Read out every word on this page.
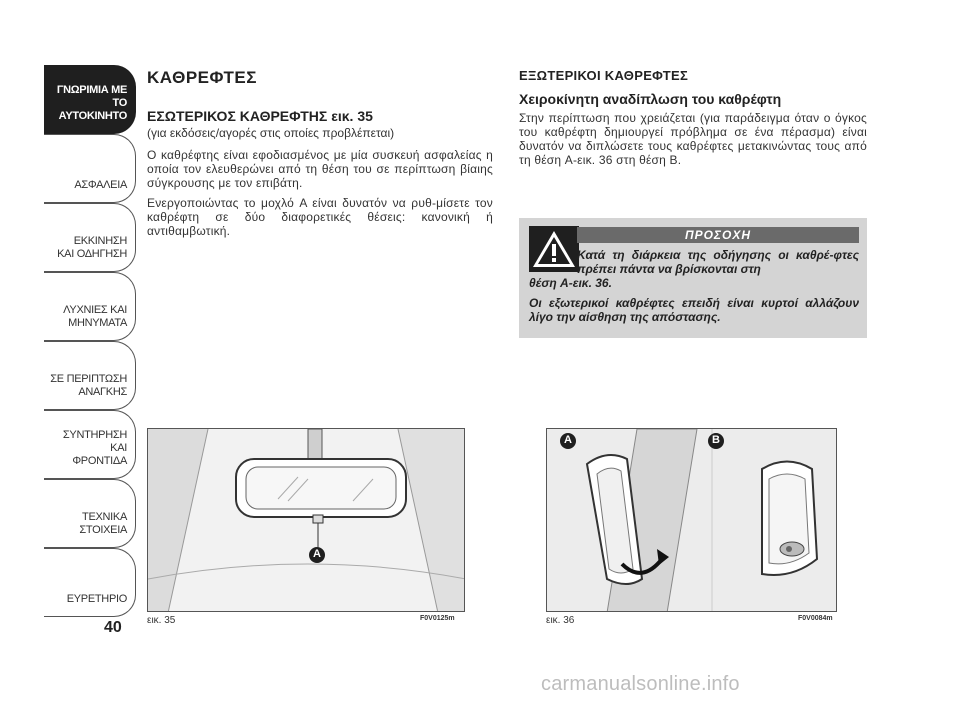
ΓΝΩΡΙΜΙΑ ΜΕ
ΤΟ ΑΥΤΟΚΙΝΗΤΟ
ΑΣΦΑΛΕΙΑ
ΕΚΚΙΝΗΣΗ
ΚΑΙ ΟΔΗΓΗΣΗ
ΛΥΧΝΙΕΣ ΚΑΙ
ΜΗΝΥΜΑΤΑ
ΣΕ ΠΕΡΙΠΤΩΣΗ
ΑΝΑΓΚΗΣ
ΣΥΝΤΗΡΗΣΗ ΚΑΙ
ΦΡΟΝΤΙΔΑ
ΤΕΧΝΙΚΑ
ΣΤΟΙΧΕΙΑ
ΕΥΡΕΤΗΡΙΟ
40
ΚΑΘΡΕΦΤΕΣ
ΕΣΩΤΕΡΙΚΟΣ ΚΑΘΡΕΦΤΗΣ εικ. 35
(για εκδόσεις/αγορές στις οποίες προβλέπεται)

Ο καθρέφτης είναι εφοδιασμένος με μία συσκευή ασφαλείας η οποία τον ελευθερώνει από τη θέση του σε περίπτωση βίαιης σύγκρουσης με τον επιβάτη.

Ενεργοποιώντας το μοχλό A είναι δυνατόν να ρυθ-μίσετε τον καθρέφτη σε δύο διαφορετικές θέσεις: κανονική ή αντιθαμβωτική.

ΕΞΩΤΕΡΙΚΟΙ ΚΑΘΡΕΦΤΕΣ
Χειροκίνητη αναδίπλωση του καθρέφτη

Στην περίπτωση που χρειάζεται (για παράδειγμα όταν ο όγκος του καθρέφτη δημιουργεί πρόβλημα σε ένα πέρασμα) είναι δυνατόν να διπλώσετε τους καθρέφτες μετακινώντας τους από τη θέση A-εικ. 36 στη θέση B.

ΠΡΟΣΟΧΗ
Κατά τη διάρκεια της οδήγησης οι καθρέ-φτες πρέπει πάντα να βρίσκονται στη
θέση A-εικ. 36.
Οι εξωτερικοί καθρέφτες επειδή είναι κυρτοί αλλάζουν λίγο την αίσθηση της απόστασης.
A
εικ. 35	F0V0125m
A	B
εικ. 36	F0V0084m
carmanualsonline.info
